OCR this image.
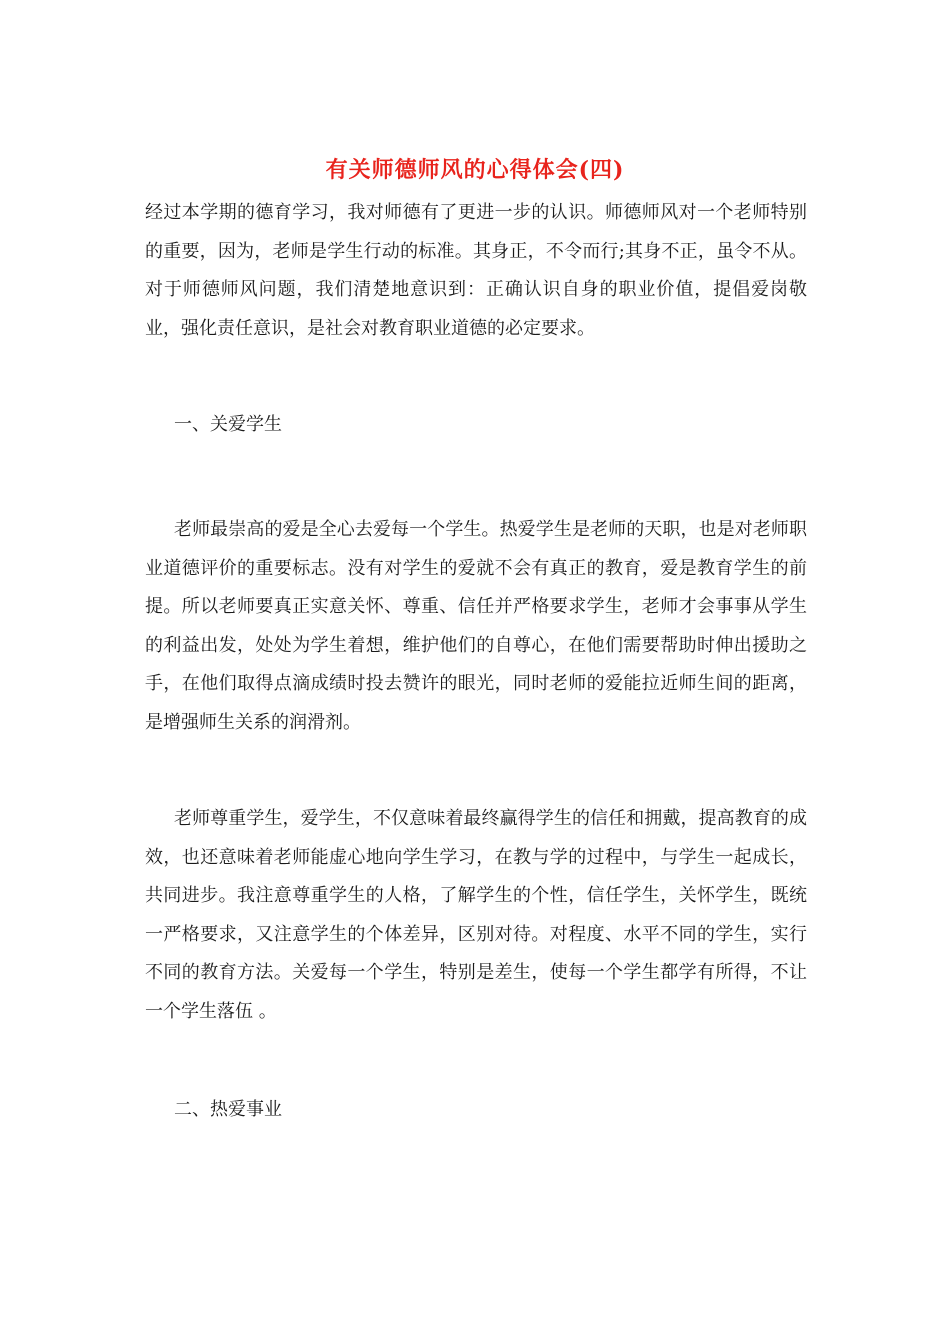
有关师德师风的心得体会(四)

经过本学期的德育学习，我对师德有了更进一步的认识。师德师风对一个老师特别的重要，因为，老师是学生行动的标准。其身正，不令而行;其身不正，虽令不从。对于师德师风问题，我们清楚地意识到：正确认识自身的职业价值，提倡爱岗敬业，强化责任意识，是社会对教育职业道德的必定要求。

一、关爱学生

老师最崇高的爱是全心去爱每一个学生。热爱学生是老师的天职，也是对老师职业道德评价的重要标志。没有对学生的爱就不会有真正的教育，爱是教育学生的前提。所以老师要真正实意关怀、尊重、信任并严格要求学生，老师才会事事从学生的利益出发，处处为学生着想，维护他们的自尊心，在他们需要帮助时伸出援助之手，在他们取得点滴成绩时投去赞许的眼光，同时老师的爱能拉近师生间的距离，是增强师生关系的润滑剂。

老师尊重学生，爱学生，不仅意味着最终赢得学生的信任和拥戴，提高教育的成效，也还意味着老师能虚心地向学生学习，在教与学的过程中，与学生一起成长，共同进步。我注意尊重学生的人格，了解学生的个性，信任学生，关怀学生，既统一严格要求，又注意学生的个体差异，区别对待。对程度、水平不同的学生，实行不同的教育方法。关爱每一个学生，特别是差生，使每一个学生都学有所得，不让一个学生落伍 。

二、热爱事业
